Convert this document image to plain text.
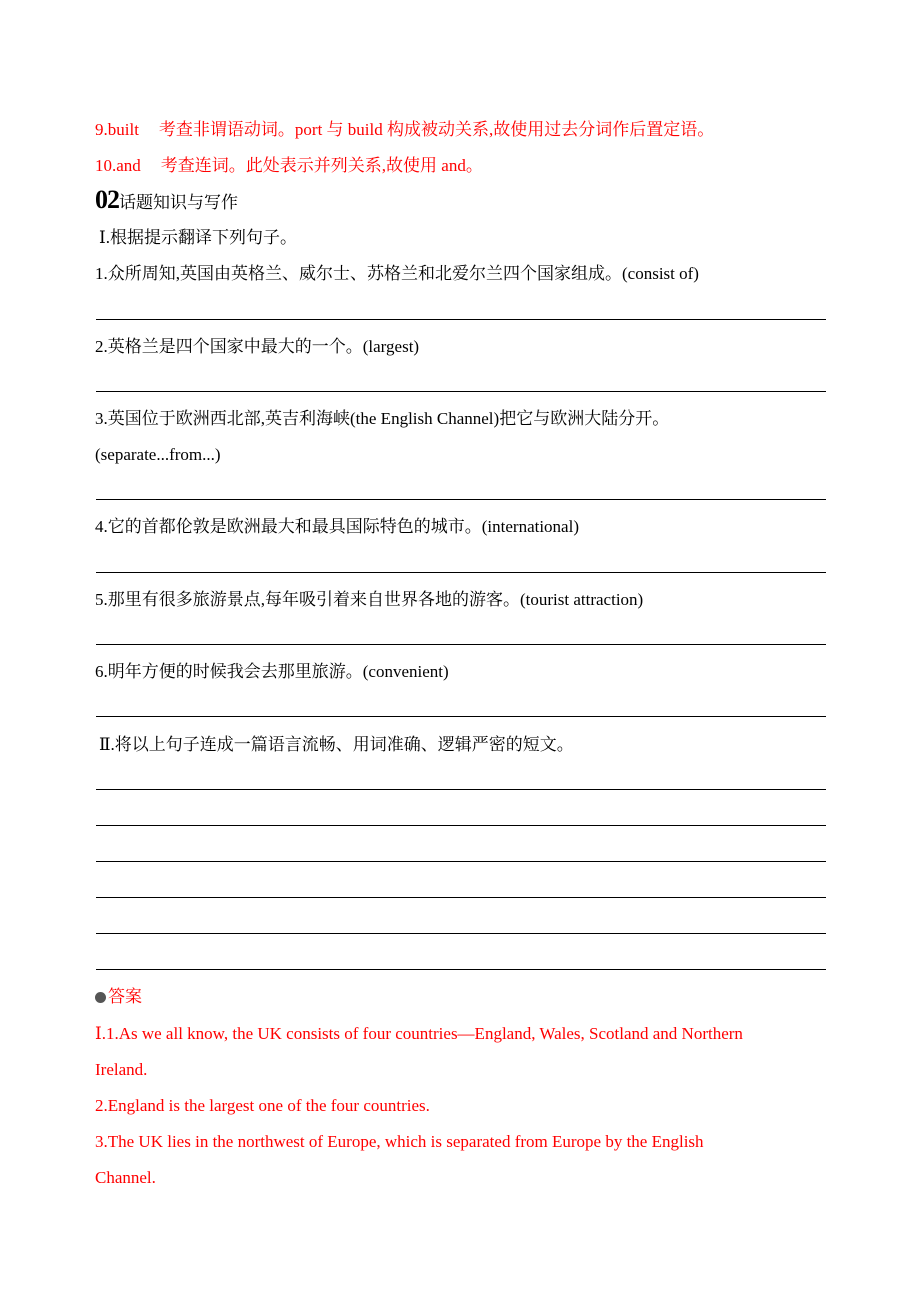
9.built 考查非谓语动词。port 与 build 构成被动关系,故使用过去分词作后置定语。
10.and 考查连词。此处表示并列关系,故使用 and。
02话题知识与写作
Ⅰ.根据提示翻译下列句子。
1.众所周知,英国由英格兰、威尔士、苏格兰和北爱尔兰四个国家组成。(consist of)
2.英格兰是四个国家中最大的一个。(largest)
3.英国位于欧洲西北部,英吉利海峡(the English Channel)把它与欧洲大陆分开。
(separate...from...)
4.它的首都伦敦是欧洲最大和最具国际特色的城市。(international)
5.那里有很多旅游景点,每年吸引着来自世界各地的游客。(tourist attraction)
6.明年方便的时候我会去那里旅游。(convenient)
Ⅱ.将以上句子连成一篇语言流畅、用词准确、逻辑严密的短文。
答案
Ⅰ.1.As we all know, the UK consists of four countries—England, Wales, Scotland and Northern
Ireland.
2.England is the largest one of the four countries.
3.The UK lies in the northwest of Europe, which is separated from Europe by the English
Channel.
